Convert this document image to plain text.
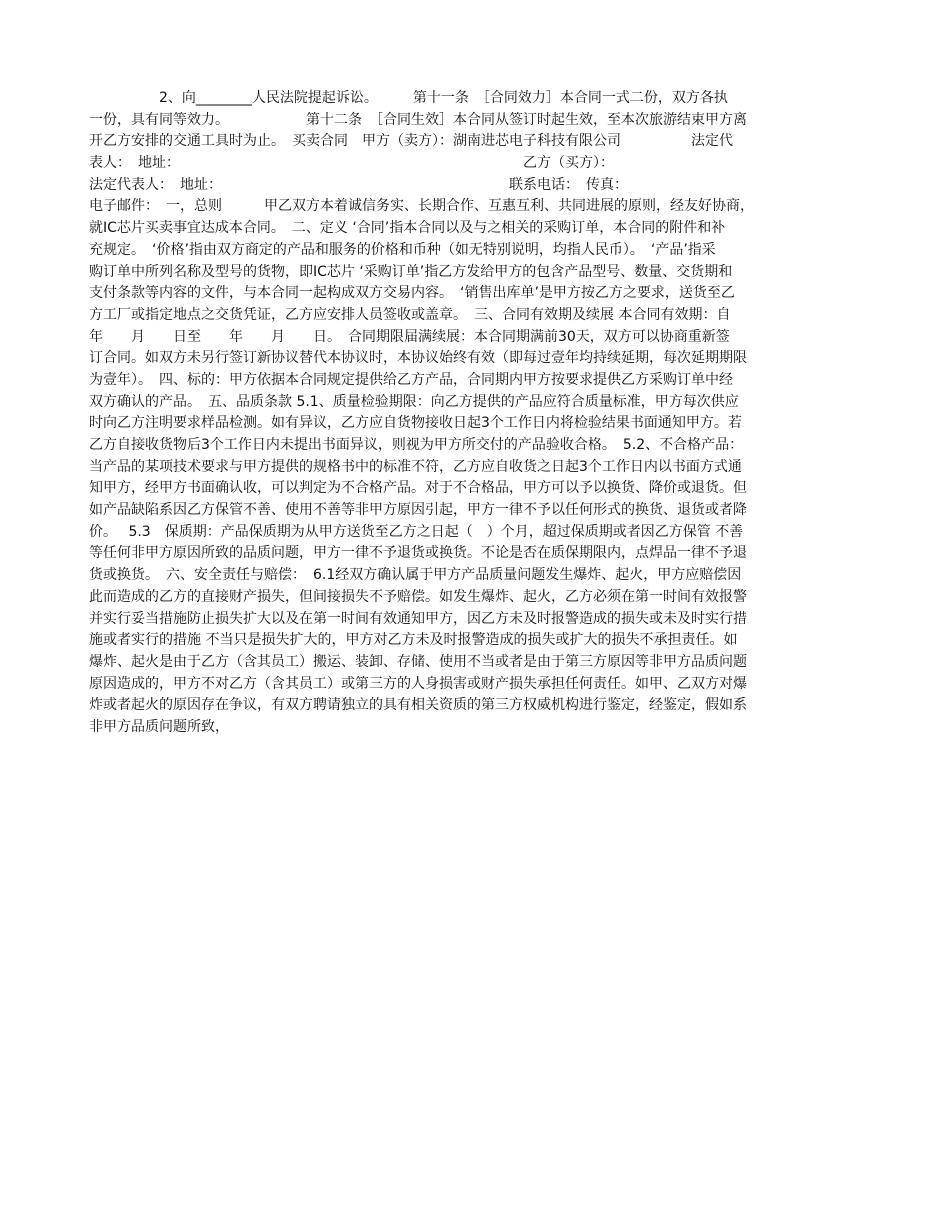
　　　　　2、向________人民法院提起诉讼。　　　第十一条　［合同效力］本合同一式二份，双方各执
一份，具有同等效力。　　　　　　第十二条　［合同生效］本合同从签订时起生效，至本次旅游结束甲方离
开乙方安排的交通工具时为止。　买卖合同　甲方（卖方）：湖南进芯电子科技有限公司　　　　　法定代
表人：　地址：　　　　　　　　　　　　　　　　　　　　　　　　　乙方（买方）：
法定代表人：　地址：　　　　　　　　　　　　　　　　　　　　　联系电话：　传真：
电子邮件：　一，总则　　　甲乙双方本着诚信务实、长期合作、互惠互利、共同进展的原则，经友好协商，
就IC芯片买卖事宜达成本合同。　二、定义 ‘合同’指本合同以及与之相关的采购订单，本合同的附件和补
充规定。　‘价格’指由双方商定的产品和服务的价格和币种（如无特别说明，均指人民币）。　‘产品’指采
购订单中所列名称及型号的货物，即IC芯片 ‘采购订单’指乙方发给甲方的包含产品型号、数量、交货期和
支付条款等内容的文件，与本合同一起构成双方交易内容。　‘销售出库单’是甲方按乙方之要求，送货至乙
方工厂或指定地点之交货凭证，乙方应安排人员签收或盖章。　三、合同有效期及续展 本合同有效期：自
年　　月　　日至　　年　　月　　日。　合同期限届满续展：本合同期满前30天，双方可以协商重新签
订合同。如双方未另行签订新协议替代本协议时，本协议始终有效（即每过壹年均持续延期，每次延期期限
为壹年）。　四、标的：甲方依据本合同规定提供给乙方产品，合同期内甲方按要求提供乙方采购订单中经
双方确认的产品。　五、品质条款 5.1、质量检验期限：向乙方提供的产品应符合质量标准，甲方每次供应
时向乙方注明要求样品检测。如有异议，乙方应自货物接收日起3个工作日内将检验结果书面通知甲方。若
乙方自接收货物后3个工作日内未提出书面异议，则视为甲方所交付的产品验收合格。　5.2、不合格产品：
当产品的某项技术要求与甲方提供的规格书中的标准不符，乙方应自收货之日起3个工作日内以书面方式通
知甲方，经甲方书面确认收，可以判定为不合格产品。对于不合格品，甲方可以予以换货、降价或退货。但
如产品缺陷系因乙方保管不善、使用不善等非甲方原因引起，甲方一律不予以任何形式的换货、退货或者降
价。　 5.3　保质期：产品保质期为从甲方送货至乙方之日起（　）个月，超过保质期或者因乙方保管 不善
等任何非甲方原因所致的品质问题，甲方一律不予退货或换货。不论是否在质保期限内，点焊品一律不予退
货或换货。　六、安全责任与赔偿：　6.1经双方确认属于甲方产品质量问题发生爆炸、起火，甲方应赔偿因
此而造成的乙方的直接财产损失，但间接损失不予赔偿。如发生爆炸、起火，乙方必须在第一时间有效报警
并实行妥当措施防止损失扩大以及在第一时间有效通知甲方，因乙方未及时报警造成的损失或未及时实行措
施或者实行的措施 不当只是损失扩大的，甲方对乙方未及时报警造成的损失或扩大的损失不承担责任。如
爆炸、起火是由于乙方（含其员工）搬运、装卸、存储、使用不当或者是由于第三方原因等非甲方品质问题
原因造成的，甲方不对乙方（含其员工）或第三方的人身损害或财产损失承担任何责任。如甲、乙双方对爆
炸或者起火的原因存在争议，有双方聘请独立的具有相关资质的第三方权威机构进行鉴定，经鉴定，假如系
非甲方品质问题所致，
